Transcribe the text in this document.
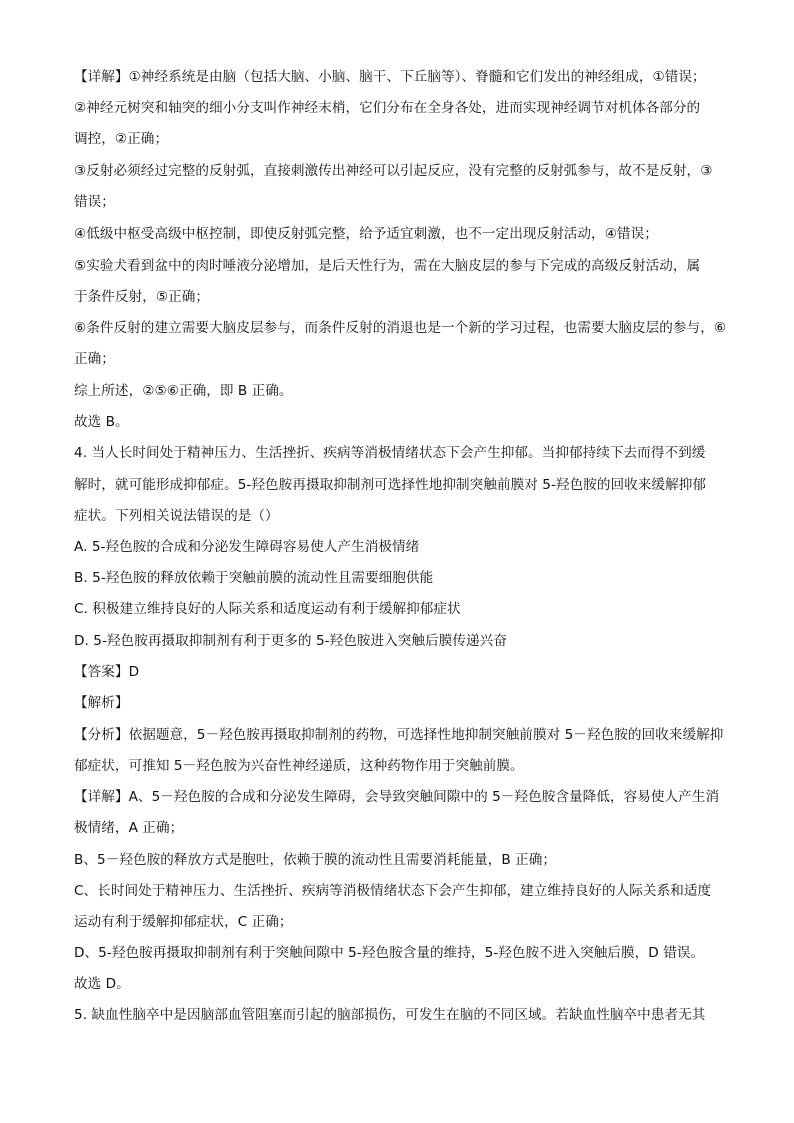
【详解】①神经系统是由脑（包括大脑、小脑、脑干、下丘脑等）、脊髓和它们发出的神经组成，①错误；
②神经元树突和轴突的细小分支叫作神经末梢，它们分布在全身各处，进而实现神经调节对机体各部分的
调控，②正确；
③反射必须经过完整的反射弧，直接刺激传出神经可以引起反应，没有完整的反射弧参与，故不是反射，③
错误；
④低级中枢受高级中枢控制，即使反射弧完整，给予适宜刺激，也不一定出现反射活动，④错误；
⑤实验犬看到盆中的肉时唾液分泌增加，是后天性行为，需在大脑皮层的参与下完成的高级反射活动，属
于条件反射，⑤正确；
⑥条件反射的建立需要大脑皮层参与，而条件反射的消退也是一个新的学习过程，也需要大脑皮层的参与，⑥
正确；
综上所述，②⑤⑥正确，即 B 正确。
故选 B。
4. 当人长时间处于精神压力、生活挫折、疾病等消极情绪状态下会产生抑郁。当抑郁持续下去而得不到缓
解时，就可能形成抑郁症。5-羟色胺再摄取抑制剂可选择性地抑制突触前膜对 5-羟色胺的回收来缓解抑郁
症状。下列相关说法错误的是（）
A. 5-羟色胺的合成和分泌发生障碍容易使人产生消极情绪
B. 5-羟色胺的释放依赖于突触前膜的流动性且需要细胞供能
C. 积极建立维持良好的人际关系和适度运动有利于缓解抑郁症状
D. 5-羟色胺再摄取抑制剂有利于更多的 5-羟色胺进入突触后膜传递兴奋
【答案】D
【解析】
【分析】依据题意，5－羟色胺再摄取抑制剂的药物，可选择性地抑制突触前膜对 5－羟色胺的回收来缓解抑
郁症状，可推知 5－羟色胺为兴奋性神经递质，这种药物作用于突触前膜。
【详解】A、5－羟色胺的合成和分泌发生障碍，会导致突触间隙中的 5－羟色胺含量降低，容易使人产生消
极情绪，A 正确；
B、5－羟色胺的释放方式是胞吐，依赖于膜的流动性且需要消耗能量，B 正确；
C、长时间处于精神压力、生活挫折、疾病等消极情绪状态下会产生抑郁，建立维持良好的人际关系和适度
运动有利于缓解抑郁症状，C 正确；
D、5-羟色胺再摄取抑制剂有利于突触间隙中 5-羟色胺含量的维持，5-羟色胺不进入突触后膜，D 错误。
故选 D。
5. 缺血性脑卒中是因脑部血管阻塞而引起的脑部损伤，可发生在脑的不同区域。若缺血性脑卒中患者无其
